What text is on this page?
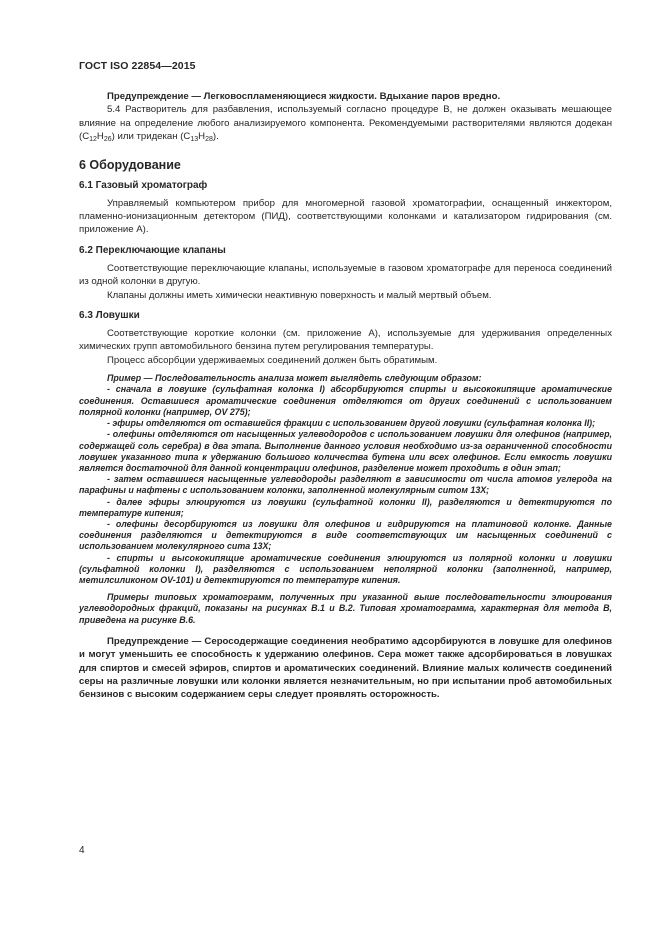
ГОСТ ISO 22854—2015

Предупреждение — Легковоспламеняющиеся жидкости. Вдыхание паров вредно.

5.4 Растворитель для разбавления, используемый согласно процедуре В, не должен оказывать мешающее влияние на определение любого анализируемого компонента. Рекомендуемыми растворителями являются додекан $(C_{12}H_{26})$ или тридекан $(C_{13}H_{28})$.

6 Оборудование
6.1 Газовый хроматограф

Управляемый компьютером прибор для многомерной газовой хроматографии, оснащенный инжектором, пламенно-ионизационным детектором (ПИД), соответствующими колонками и катализатором гидрирования (см. приложение А).

6.2 Переключающие клапаны

Соответствующие переключающие клапаны, используемые в газовом хроматографе для переноса соединений из одной колонки в другую.

Клапаны должны иметь химически неактивную поверхность и малый мертвый объем.

6.3 Ловушки

Соответствующие короткие колонки (см. приложение А), используемые для удерживания определенных химических групп автомобильного бензина путем регулирования температуры.

Процесс абсорбции удерживаемых соединений должен быть обратимым.

Пример — Последовательность анализа может выглядеть следующим образом:

- сначала в ловушке (сульфатная колонка I) абсорбируются спирты и высококипящие ароматические соединения. Оставшиеся ароматические соединения отделяются от других соединений с использованием полярной колонки (например, OV 275);

- эфиры отделяются от оставшейся фракции с использованием другой ловушки (сульфатная колонка II);

- олефины отделяются от насыщенных углеводородов с использованием ловушки для олефинов (например, содержащей соль серебра) в два этапа. Выполнение данного условия необходимо из-за ограниченной способности ловушек указанного типа к удержанию большого количества бутена или всех олефинов. Если емкость ловушки является достаточной для данной концентрации олефинов, разделение может проходить в один этап;

- затем оставшиеся насыщенные углеводороды разделяют в зависимости от числа атомов углерода на парафины и нафтены с использованием колонки, заполненной молекулярным ситом 13X;

- далее эфиры элюируются из ловушки (сульфатной колонки II), разделяются и детектируются по температуре кипения;

- олефины десорбируются из ловушки для олефинов и гидрируются на платиновой колонке. Данные соединения разделяются и детектируются в виде соответствующих им насыщенных соединений с использованием молекулярного сита 13X;

- спирты и высококипящие ароматические соединения элюируются из полярной колонки и ловушки (сульфатной колонки I), разделяются с использованием неполярной колонки (заполненной, например, метилсиликоном OV-101) и детектируются по температуре кипения.

Примеры типовых хроматограмм, полученных при указанной выше последовательности элюирования углеводородных фракций, показаны на рисунках В.1 и В.2. Типовая хроматограмма, характерная для метода В, приведена на рисунке В.6.

Предупреждение — Серосодержащие соединения необратимо адсорбируются в ловушке для олефинов и могут уменьшить ее способность к удержанию олефинов. Сера может также адсорбироваться в ловушках для спиртов и смесей эфиров, спиртов и ароматических соединений. Влияние малых количеств соединений серы на различные ловушки или колонки является незначительным, но при испытании проб автомобильных бензинов с высоким содержанием серы следует проявлять осторожность.

4
